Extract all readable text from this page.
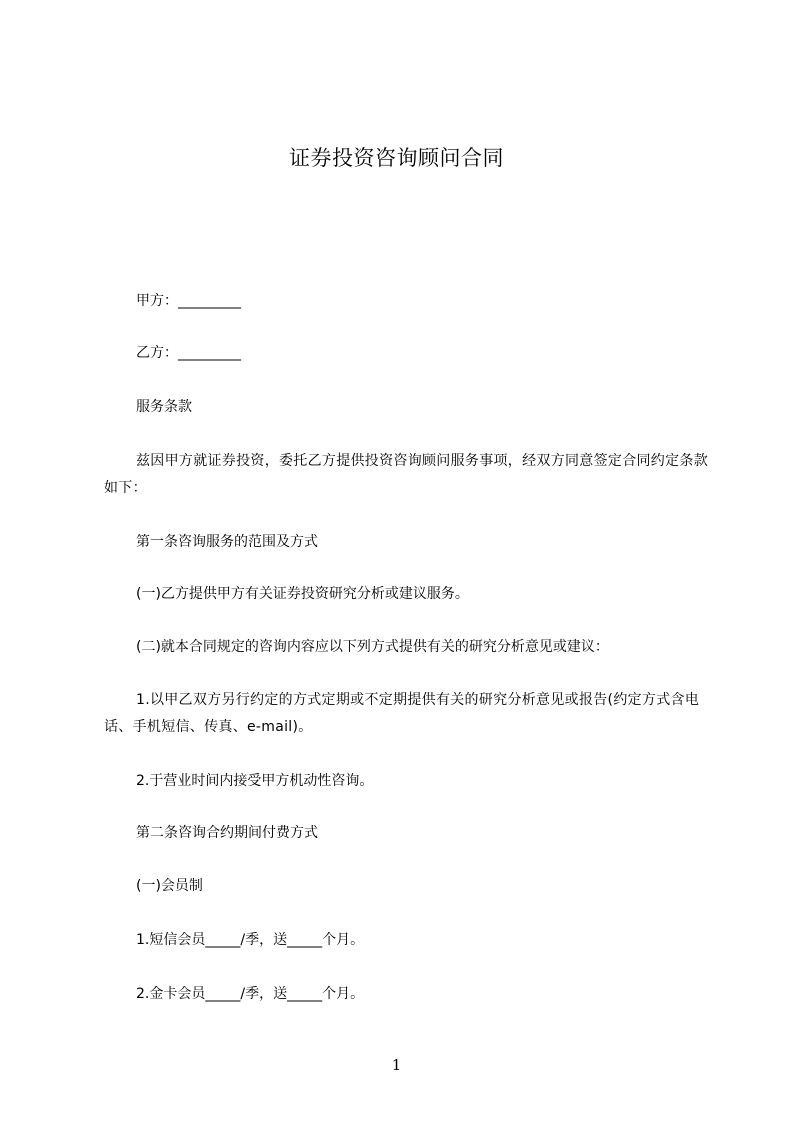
证券投资咨询顾问合同
甲方：_________
乙方：_________
服务条款
兹因甲方就证券投资，委托乙方提供投资咨询顾问服务事项，经双方同意签定合同约定条款如下：
第一条咨询服务的范围及方式
(一)乙方提供甲方有关证券投资研究分析或建议服务。
(二)就本合同规定的咨询内容应以下列方式提供有关的研究分析意见或建议：
1.以甲乙双方另行约定的方式定期或不定期提供有关的研究分析意见或报告(约定方式含电话、手机短信、传真、e-mail)。
2.于营业时间内接受甲方机动性咨询。
第二条咨询合约期间付费方式
(一)会员制
1.短信会员_____/季，送_____个月。
2.金卡会员_____/季，送_____个月。
1
